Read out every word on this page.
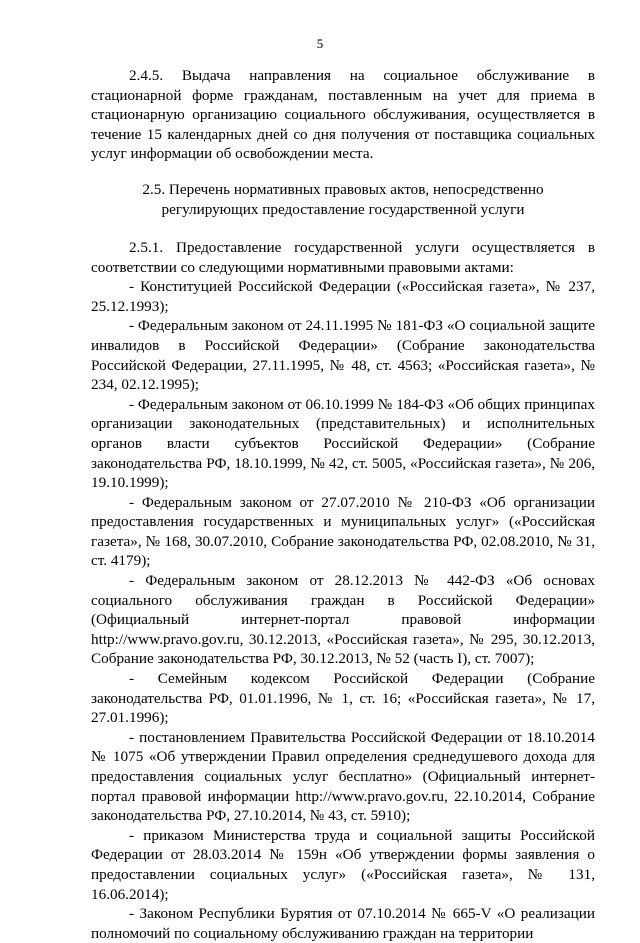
5

2.4.5. Выдача направления на социальное обслуживание в стационарной форме гражданам, поставленным на учет для приема в стационарную организацию социального обслуживания, осуществляется в течение 15 календарных дней со дня получения от поставщика социальных услуг информации об освобождении места.

2.5. Перечень нормативных правовых актов, непосредственно
регулирующих предоставление государственной услуги

2.5.1. Предоставление государственной услуги осуществляется в соответствии со следующими нормативными правовыми актами:

- Конституцией Российской Федерации («Российская газета», № 237, 25.12.1993);

- Федеральным законом от 24.11.1995 № 181-ФЗ «О социальной защите инвалидов в Российской Федерации» (Собрание законодательства Российской Федерации, 27.11.1995, № 48, ст. 4563; «Российская газета», № 234, 02.12.1995);

- Федеральным законом от 06.10.1999 № 184-ФЗ «Об общих принципах организации законодательных (представительных) и исполнительных органов власти субъектов Российской Федерации» (Собрание законодательства РФ, 18.10.1999, № 42, ст. 5005, «Российская газета», № 206, 19.10.1999);

- Федеральным законом от 27.07.2010 № 210-ФЗ «Об организации предоставления государственных и муниципальных услуг» («Российская газета», № 168, 30.07.2010, Собрание законодательства РФ, 02.08.2010, № 31, ст. 4179);

- Федеральным законом от 28.12.2013 № 442-ФЗ «Об основах социального обслуживания граждан в Российской Федерации» (Официальный интернет-портал правовой информации http://www.pravo.gov.ru, 30.12.2013, «Российская газета», № 295, 30.12.2013, Собрание законодательства РФ, 30.12.2013, № 52 (часть I), ст. 7007);

- Семейным кодексом Российской Федерации (Собрание законодательства РФ, 01.01.1996, № 1, ст. 16; «Российская газета», № 17, 27.01.1996);

- постановлением Правительства Российской Федерации от 18.10.2014 № 1075 «Об утверждении Правил определения среднедушевого дохода для предоставления социальных услуг бесплатно» (Официальный интернет-портал правовой информации http://www.pravo.gov.ru, 22.10.2014, Собрание законодательства РФ, 27.10.2014, № 43, ст. 5910);

- приказом Министерства труда и социальной защиты Российской Федерации от 28.03.2014 № 159н «Об утверждении формы заявления о предоставлении социальных услуг» («Российская газета», № 131, 16.06.2014);

- Законом Республики Бурятия от 07.10.2014 № 665-V «О реализации полномочий по социальному обслуживанию граждан на территории
